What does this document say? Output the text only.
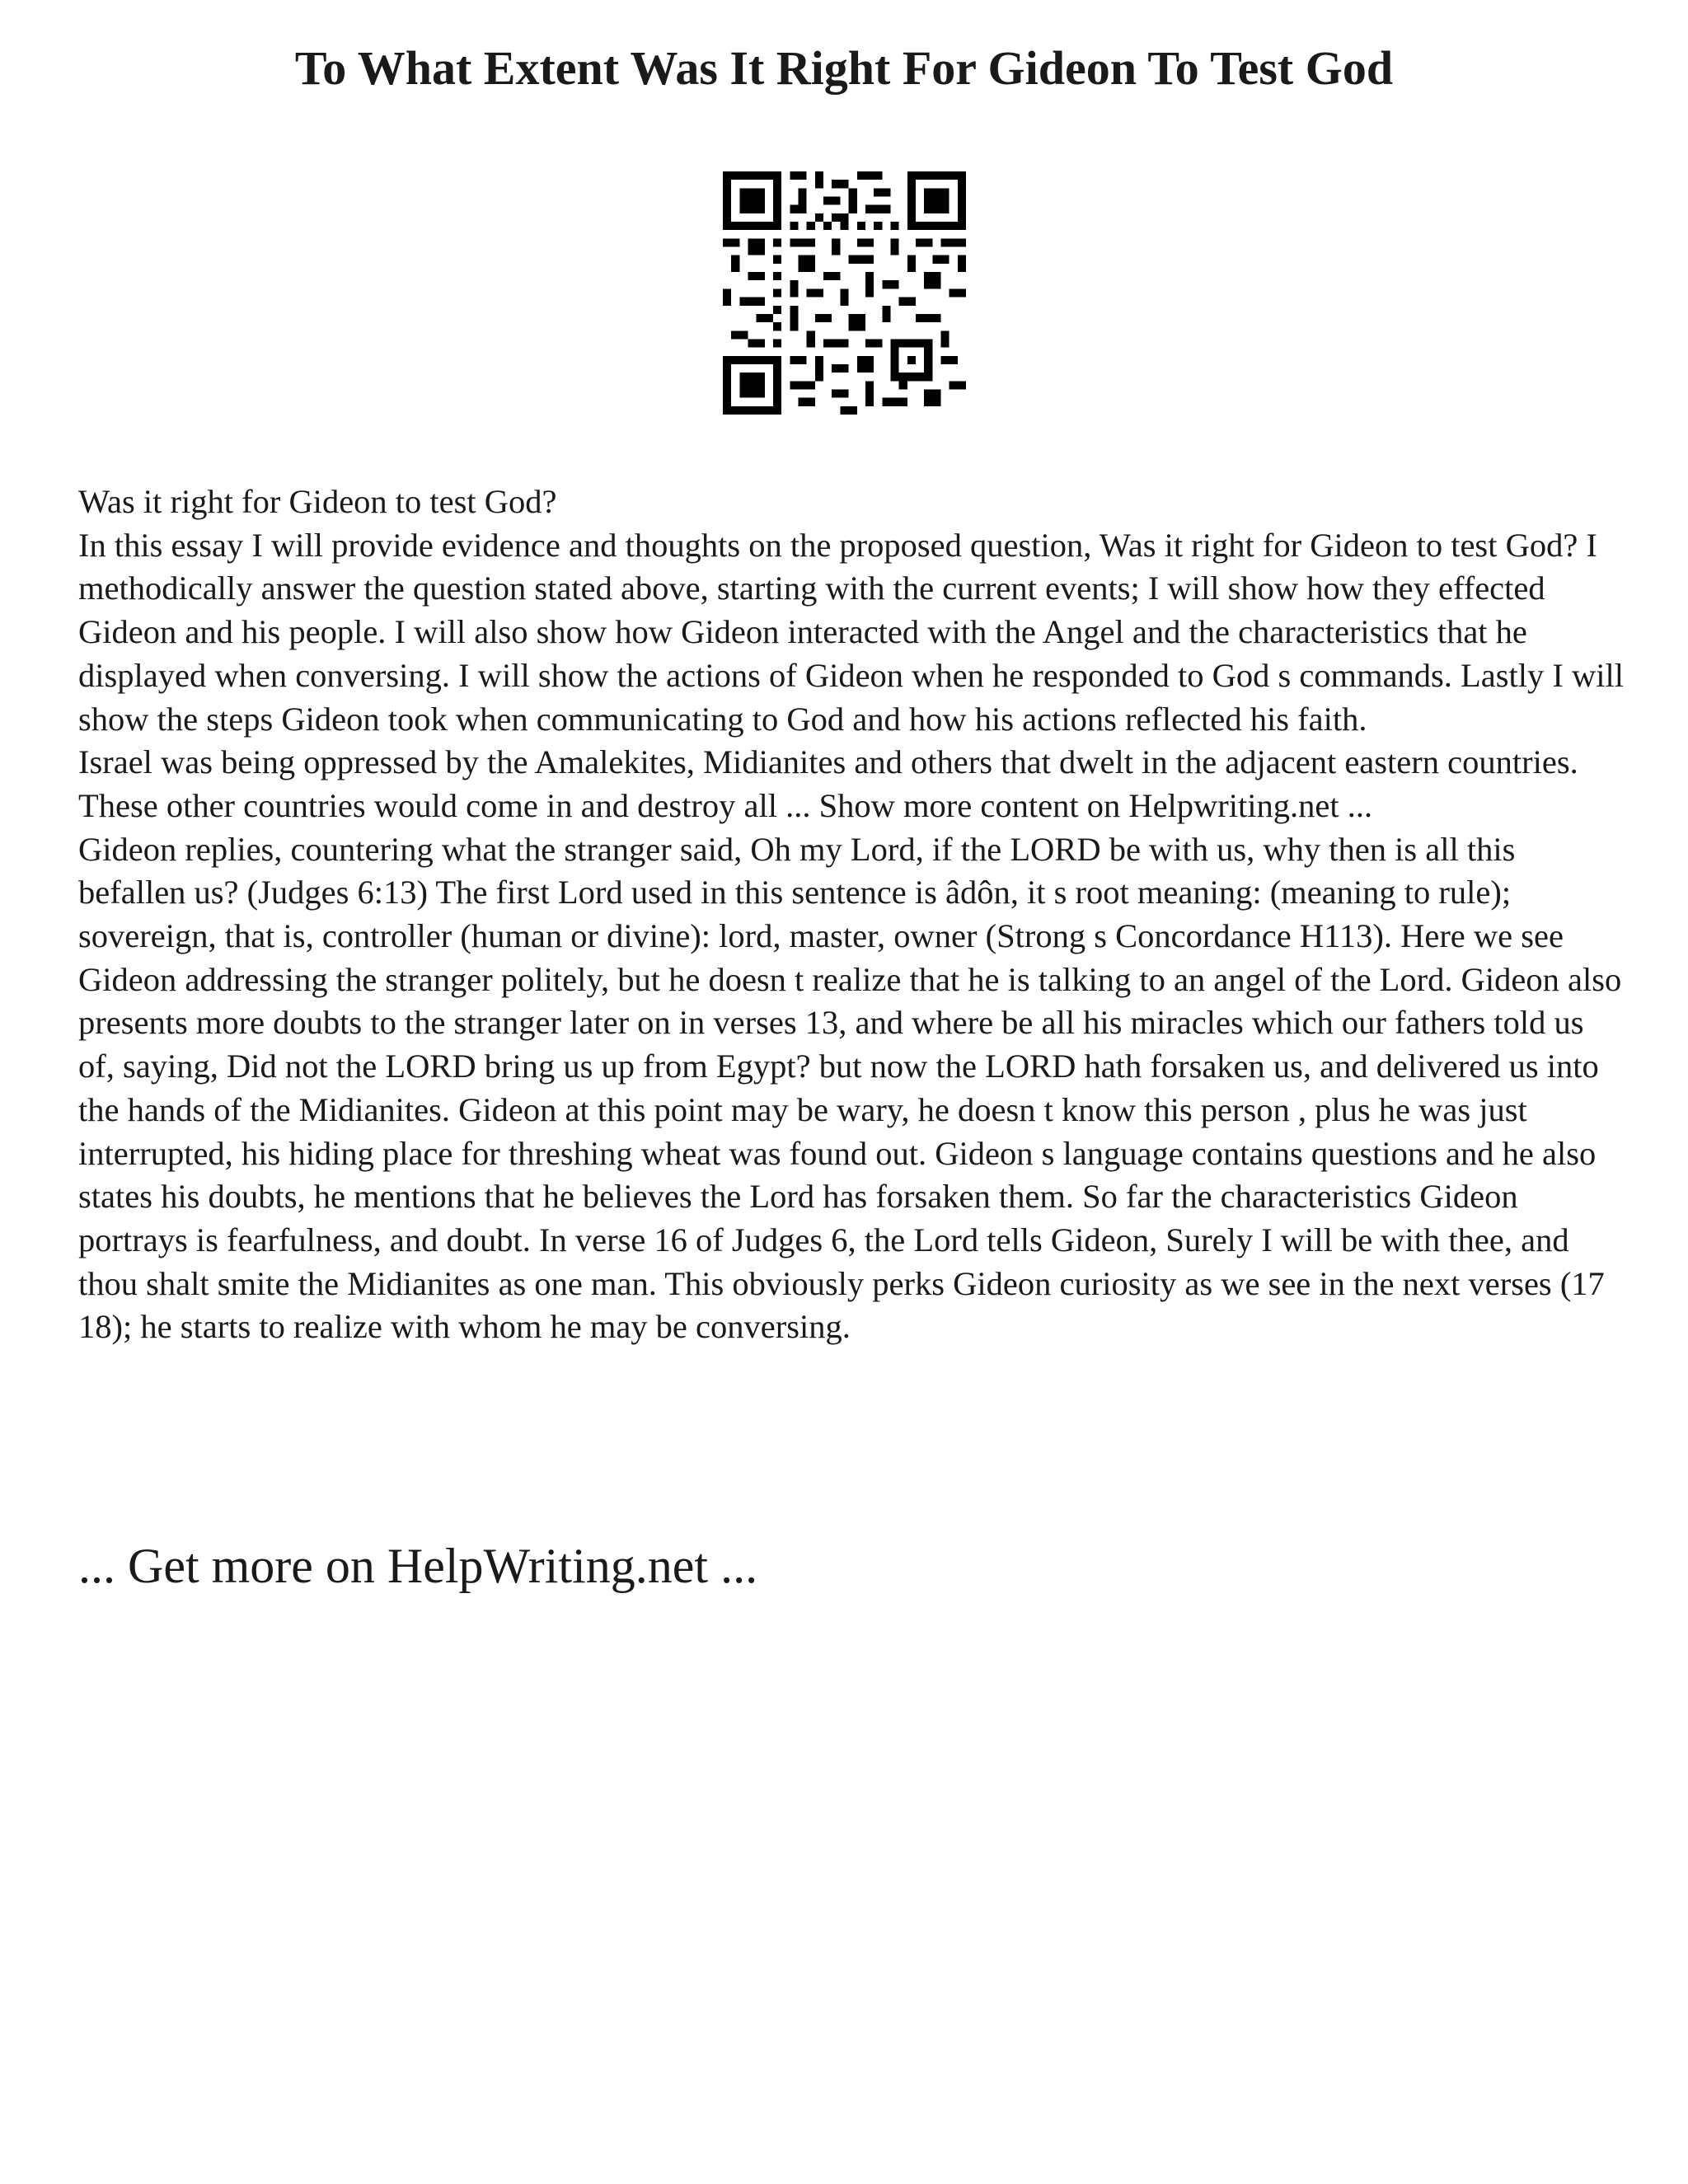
To What Extent Was It Right For Gideon To Test God

Was it right for Gideon to test God?

In this essay I will provide evidence and thoughts on the proposed question, Was it right for Gideon to test God? I methodically answer the question stated above, starting with the current events; I will show how they effected Gideon and his people. I will also show how Gideon interacted with the Angel and the characteristics that he displayed when conversing. I will show the actions of Gideon when he responded to God s commands. Lastly I will show the steps Gideon took when communicating to God and how his actions reflected his faith.

Israel was being oppressed by the Amalekites, Midianites and others that dwelt in the adjacent eastern countries. These other countries would come in and destroy all ... Show more content on Helpwriting.net ...

Gideon replies, countering what the stranger said, Oh my Lord, if the LORD be with us, why then is all this befallen us? (Judges 6:13) The first Lord used in this sentence is âdôn, it s root meaning: (meaning to rule); sovereign, that is, controller (human or divine): lord, master, owner (Strong s Concordance H113). Here we see Gideon addressing the stranger politely, but he doesn t realize that he is talking to an angel of the Lord. Gideon also presents more doubts to the stranger later on in verses 13, and where be all his miracles which our fathers told us of, saying, Did not the LORD bring us up from Egypt? but now the LORD hath forsaken us, and delivered us into the hands of the Midianites. Gideon at this point may be wary, he doesn t know this person , plus he was just interrupted, his hiding place for threshing wheat was found out. Gideon s language contains questions and he also states his doubts, he mentions that he believes the Lord has forsaken them. So far the characteristics Gideon portrays is fearfulness, and doubt. In verse 16 of Judges 6, the Lord tells Gideon, Surely I will be with thee, and thou shalt smite the Midianites as one man. This obviously perks Gideon curiosity as we see in the next verses (17 18); he starts to realize with whom he may be conversing.

... Get more on HelpWriting.net ...
